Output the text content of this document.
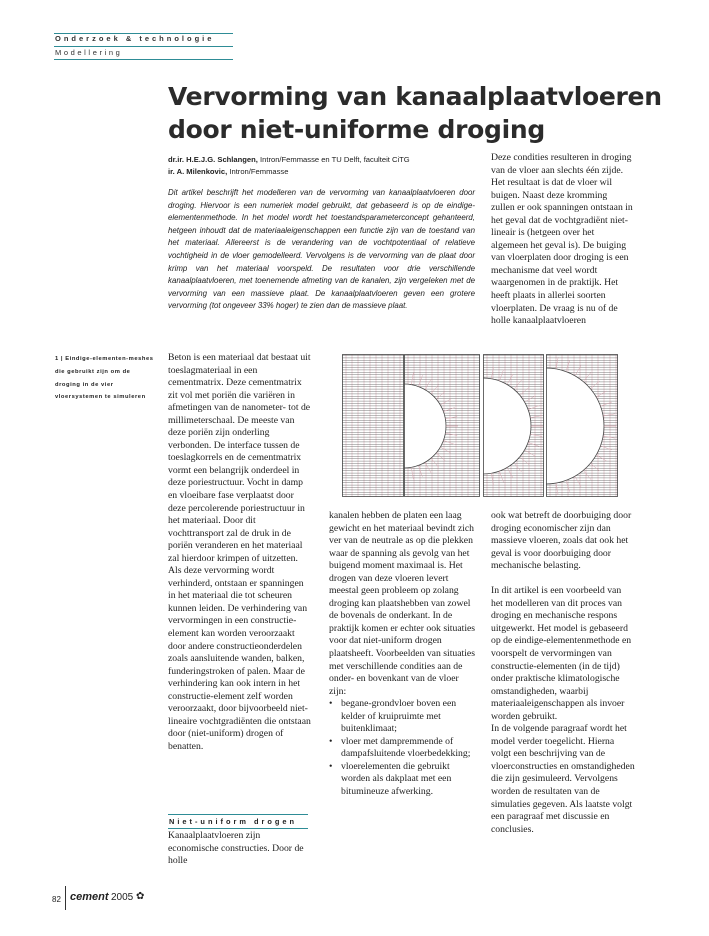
Onderzoek & technologie
Modellering
Vervorming van kanaalplaatvloeren
door niet-uniforme droging
dr.ir. H.E.J.G. Schlangen, Intron/Femmasse en TU Delft, faculteit CiTG
ir. A. Milenkovic, Intron/Femmasse
Dit artikel beschrijft het modelleren van de vervorming van kanaalplaatvloeren door droging. Hiervoor is een numeriek model gebruikt, dat gebaseerd is op de eindige-elementenmethode. In het model wordt het toestandsparameterconcept gehanteerd, hetgeen inhoudt dat de materiaaleigenschappen een functie zijn van de toestand van het materiaal. Allereerst is de verandering van de vochtpotentiaal of relatieve vochtigheid in de vloer gemodelleerd. Vervolgens is de vervorming van de plaat door krimp van het materiaal voorspeld. De resultaten voor drie verschillende kanaalplaatvloeren, met toenemende afmeting van de kanalen, zijn vergeleken met de vervorming van een massieve plaat. De kanaalplaatvloeren geven een grotere vervorming (tot ongeveer 33% hoger) te zien dan de massieve plaat.
Deze condities resulteren in droging van de vloer aan slechts één zijde. Het resultaat is dat de vloer wil buigen. Naast deze kromming zullen er ook spanningen ontstaan in het geval dat de vochtgradiënt niet-lineair is (hetgeen over het algemeen het geval is). De buiging van vloerplaten door droging is een mechanisme dat veel wordt waargenomen in de praktijk. Het heeft plaats in allerlei soorten vloerplaten. De vraag is nu of de holle kanaalplaatvloeren
1 | Eindige-elementen-meshes die gebruikt zijn om de droging in de vier vloersystemen te simuleren

Beton is een materiaal dat bestaat uit toeslagmateriaal in een cementmatrix. Deze cementmatrix zit vol met poriën die variëren in afmetingen van de nanometer- tot de millimeterschaal. De meeste van deze poriën zijn onderling verbonden. De interface tussen de toeslagkorrels en de cementmatrix vormt een belangrijk onderdeel in deze poriestructuur. Vocht in damp en vloeibare fase verplaatst door deze percolerende poriestructuur in het materiaal. Door dit vochttransport zal de druk in de poriën veranderen en het materiaal zal hierdoor krimpen of uitzetten. Als deze vervorming wordt verhinderd, ontstaan er spanningen in het materiaal die tot scheuren kunnen leiden. De verhindering van vervormingen in een constructie-element kan worden veroorzaakt door andere constructieonderdelen zoals aansluitende wanden, balken, funderingstroken of palen. Maar de verhindering kan ook intern in het constructie-element zelf worden veroorzaakt, door bijvoorbeeld niet-lineaire vochtgradiënten die ontstaan door (niet-uniform) drogen of benatten.

Niet-uniform drogen

Kanaalplaatvloeren zijn economische constructies. Door de holle

kanalen hebben de platen een laag gewicht en het materiaal bevindt zich ver van de neutrale as op die plekken waar de spanning als gevolg van het buigend moment maximaal is. Het drogen van deze vloeren levert meestal geen probleem op zolang droging kan plaatshebben van zowel de bovenals de onderkant. In de praktijk komen er echter ook situaties voor dat niet-uniform drogen plaatsheeft. Voorbeelden van situaties met verschillende condities aan de onder- en bovenkant van de vloer zijn:

• begane-grondvloer boven een kelder of kruipruimte met buitenklimaat;
• vloer met dampremmende of dampafsluitende vloerbedekking;
• vloerelementen die gebruikt worden als dakplaat met een bitumineuze afwerking.

ook wat betreft de doorbuiging door droging economischer zijn dan massieve vloeren, zoals dat ook het geval is voor doorbuiging door mechanische belasting.

In dit artikel is een voorbeeld van het modelleren van dit proces van droging en mechanische respons uitgewerkt. Het model is gebaseerd op de eindige-elementenmethode en voorspelt de vervormingen van constructie-elementen (in de tijd) onder praktische klimatologische omstandigheden, waarbij materiaaleigenschappen als invoer worden gebruikt.

In de volgende paragraaf wordt het model verder toegelicht. Hierna volgt een beschrijving van de vloerconstructies en omstandigheden die zijn gesimuleerd. Vervolgens worden de resultaten van de simulaties gegeven. Als laatste volgt een paragraaf met discussie en conclusies.

82 cement 2005 ✿
